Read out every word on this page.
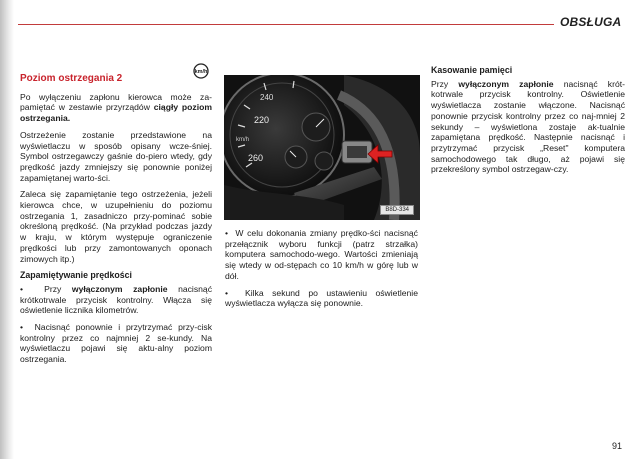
OBSŁUGA
km/h
Poziom ostrzegania 2

Po wyłączeniu zapłonu kierowca może za- pamiętać w zestawie przyrządów ciągły poziom ostrzegania.

Ostrzeżenie zostanie przedstawione na wyświetlaczu w sposób opisany wcze-śniej. Symbol ostrzegawczy gaśnie do-piero wtedy, gdy prędkość jazdy zmniejszy się ponownie poniżej zapamiętanej warto-ści.

Zaleca się zapamiętanie tego ostrzeżenia, jeżeli kierowca chce, w uzupełnieniu do poziomu ostrzegania 1, zasadniczo przy-pominać sobie określoną prędkość. (Na przykład podczas jazdy w kraju, w którym występuje ograniczenie prędkości lub przy zamontowanych oponach zimowych itp.)

Zapamiętywanie prędkości

•  Przy wyłączonym zapłonie nacisnąć krótkotrwale przycisk kontrolny. Włącza się oświetlenie licznika kilometrów.

•  Nacisnąć ponownie i przytrzymać przy-cisk kontrolny przez co najmniej 2 se-kundy. Na wyświetlaczu pojawi się aktu-alny poziom ostrzegania.

240
220
260
km/h
B8D-334

•  W celu dokonania zmiany prędko-ści nacisnąć przełącznik wyboru funkcji (patrz strzałka) komputera samochodo-wego. Wartości zmieniają się wtedy w od-stępach co 10 km/h w górę lub w dół.

•  Kilka sekund po ustawieniu oświetlenie wyświetlacza wyłącza się ponownie.

Kasowanie pamięci

Przy wyłączonym zapłonie nacisnąć krót-kotrwale przycisk kontrolny. Oświetlenie wyświetlacza zostanie włączone. Nacisnąć ponownie przycisk kontrolny przez co naj-mniej 2 sekundy – wyświetlona zostaje ak-tualnie zapamiętana prędkość. Następnie nacisnąć i przytrzymać przycisk „Reset" komputera samochodowego tak długo, aż pojawi się przekreślony symbol ostrzegaw-czy.

91
